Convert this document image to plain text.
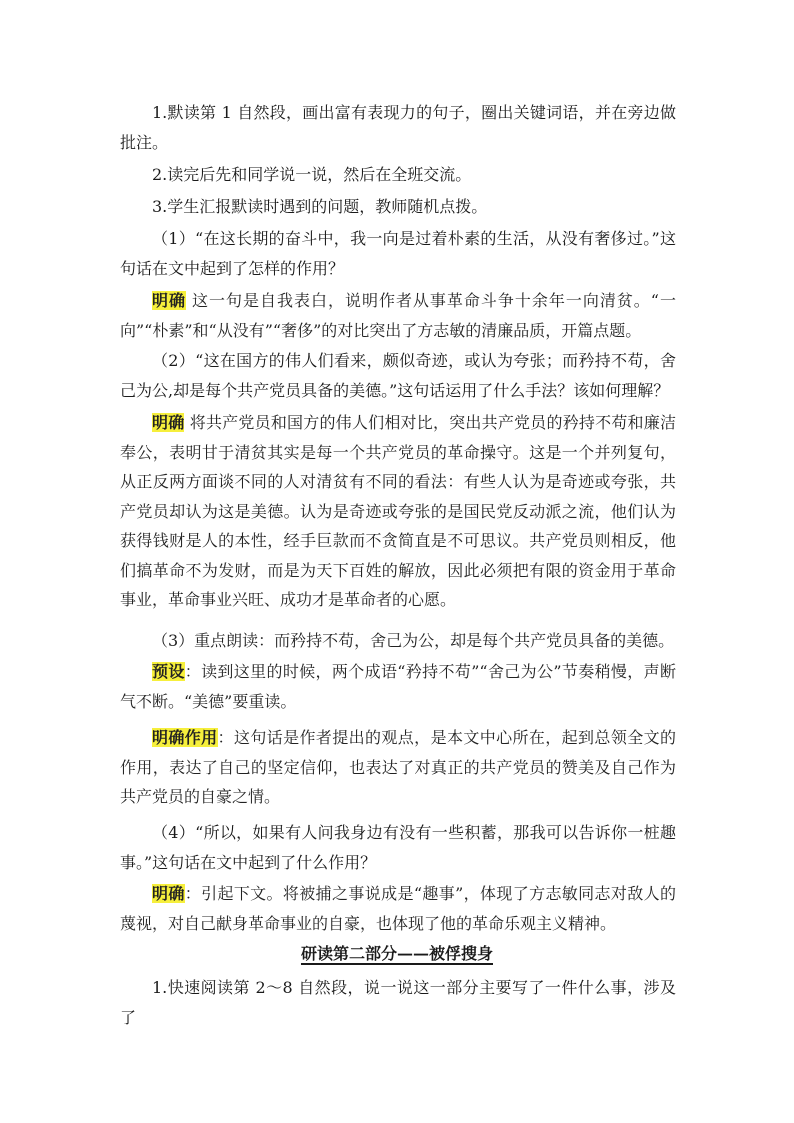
1.默读第 1 自然段，画出富有表现力的句子，圈出关键词语，并在旁边做批注。

2.读完后先和同学说一说，然后在全班交流。

3.学生汇报默读时遇到的问题，教师随机点拨。

（1）“在这长期的奋斗中，我一向是过着朴素的生活，从没有奢侈过。”这句话在文中起到了怎样的作用？

明确 这一句是自我表白，说明作者从事革命斗争十余年一向清贫。“一向”“朴素”和“从没有”“奢侈”的对比突出了方志敏的清廉品质，开篇点题。

（2）“这在国方的伟人们看来，颇似奇迹，或认为夸张；而矜持不苟，舍己为公,却是每个共产党员具备的美德。”这句话运用了什么手法？该如何理解？

明确 将共产党员和国方的伟人们相对比，突出共产党员的矜持不苟和廉洁奉公，表明甘于清贫其实是每一个共产党员的革命操守。这是一个并列复句，从正反两方面谈不同的人对清贫有不同的看法：有些人认为是奇迹或夸张，共产党员却认为这是美德。认为是奇迹或夸张的是国民党反动派之流，他们认为获得钱财是人的本性，经手巨款而不贪简直是不可思议。共产党员则相反，他们搞革命不为发财，而是为天下百姓的解放，因此必须把有限的资金用于革命事业，革命事业兴旺、成功才是革命者的心愿。

（3）重点朗读：而矜持不苟，舍己为公，却是每个共产党员具备的美德。

预设：读到这里的时候，两个成语“矜持不苟”“舍己为公”节奏稍慢，声断气不断。“美德”要重读。

明确作用：这句话是作者提出的观点，是本文中心所在，起到总领全文的作用，表达了自己的坚定信仰，也表达了对真正的共产党员的赞美及自己作为共产党员的自豪之情。

（4）“所以，如果有人问我身边有没有一些积蓄，那我可以告诉你一桩趣事。”这句话在文中起到了什么作用？

明确：引起下文。将被捕之事说成是“趣事”，体现了方志敏同志对敌人的蔑视，对自己献身革命事业的自豪，也体现了他的革命乐观主义精神。

研读第二部分——被俘搜身

1.快速阅读第 2～8 自然段，说一说这一部分主要写了一件什么事，涉及了
